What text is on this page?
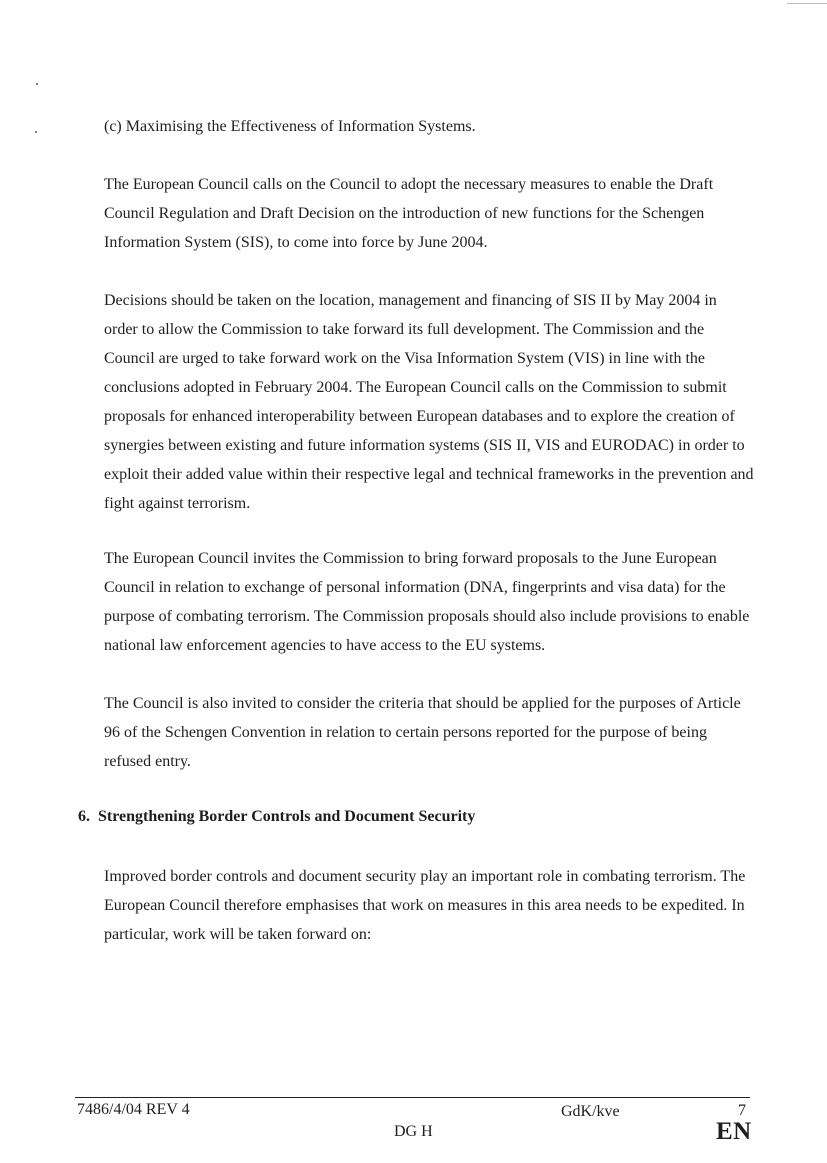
(c) Maximising the Effectiveness of Information Systems.

The European Council calls on the Council to adopt the necessary measures to enable the Draft Council Regulation and Draft Decision on the introduction of new functions for the Schengen Information System (SIS), to come into force by June 2004.

Decisions should be taken on the location, management and financing of SIS II by May 2004 in order to allow the Commission to take forward its full development. The Commission and the Council are urged to take forward work on the Visa Information System (VIS) in line with the conclusions adopted in February 2004. The European Council calls on the Commission to submit proposals for enhanced interoperability between European databases and to explore the creation of synergies between existing and future information systems (SIS II, VIS and EURODAC) in order to exploit their added value within their respective legal and technical frameworks in the prevention and fight against terrorism.

The European Council invites the Commission to bring forward proposals to the June European Council in relation to exchange of personal information (DNA, fingerprints and visa data) for the purpose of combating terrorism. The Commission proposals should also include provisions to enable national law enforcement agencies to have access to the EU systems.

The Council is also invited to consider the criteria that should be applied for the purposes of Article 96 of the Schengen Convention in relation to certain persons reported for the purpose of being refused entry.

6. Strengthening Border Controls and Document Security

Improved border controls and document security play an important role in combating terrorism. The European Council therefore emphasises that work on measures in this area needs to be expedited. In particular, work will be taken forward on:

7486/4/04 REV 4
DG H
GdK/kve	7
EN
